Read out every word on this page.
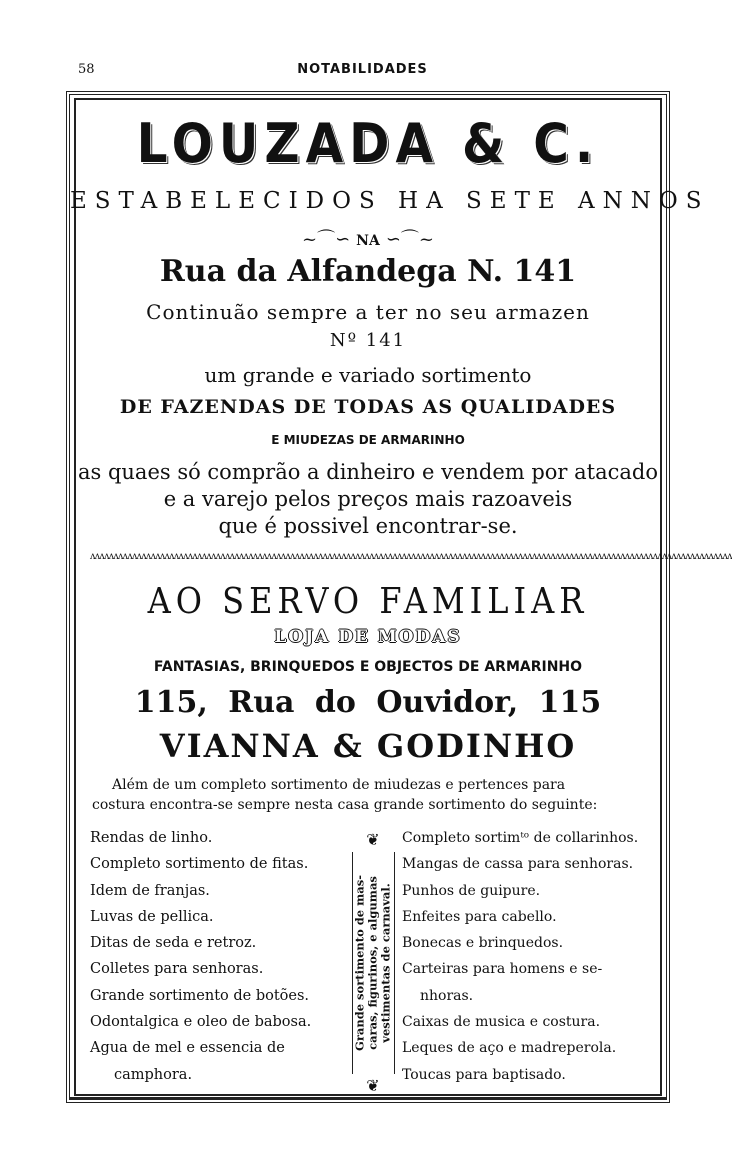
58	NOTABILIDADES
LOUZADA & C.
ESTABELECIDOS HA SETE ANNOS
~⌒∽ NA ∽⌒~
Rua da Alfandega N. 141
Continuão sempre a ter no seu armazen
Nº 141
um grande e variado sortimento
DE FAZENDAS DE TODAS AS QUALIDADES
E MIUDEZAS DE ARMARINHO
as quaes só comprão a dinheiro e vendem por atacado
e a varejo pelos preços mais razoaveis
que é possivel encontrar-se.
ʌʌʌʌʌʌʌʌʌʌʌʌʌʌʌʌʌʌʌʌʌʌʌʌʌʌʌʌʌʌʌʌʌʌʌʌʌʌʌʌʌʌʌʌʌʌʌʌʌʌʌʌʌʌʌʌʌʌʌʌʌʌʌʌʌʌʌʌʌʌʌʌʌʌʌʌʌʌʌʌʌʌʌʌʌʌʌʌʌʌʌʌʌʌʌʌʌʌʌʌʌʌʌʌʌʌʌʌʌʌʌʌʌʌʌʌʌʌʌʌʌʌʌʌʌʌʌʌʌʌʌʌʌʌʌʌʌʌ
AO SERVO FAMILIAR
LOJA DE MODAS
FANTASIAS, BRINQUEDOS E OBJECTOS DE ARMARINHO
115, Rua do Ouvidor, 115
VIANNA & GODINHO

Além de um completo sortimento de miudezas e pertences para

costura encontra-se sempre nesta casa grande sortimento do seguinte:

Rendas de linho.
Completo sortimento de fitas.
Idem de franjas.
Luvas de pellica.
Ditas de seda e retroz.
Colletes para senhoras.
Grande sortimento de botões.
Odontalgica e oleo de babosa.
Agua de mel e essencia de
camphora.
❦
Grande sortimento de mas- caras, figurinos, e algumas vestimentas de carnaval.
❦
Completo sortimᵗᵒ de collarinhos.
Mangas de cassa para senhoras.
Punhos de guipure.
Enfeites para cabello.
Bonecas e brinquedos.
Carteiras para homens e se-
nhoras.
Caixas de musica e costura.
Leques de aço e madreperola.
Toucas para baptisado.
